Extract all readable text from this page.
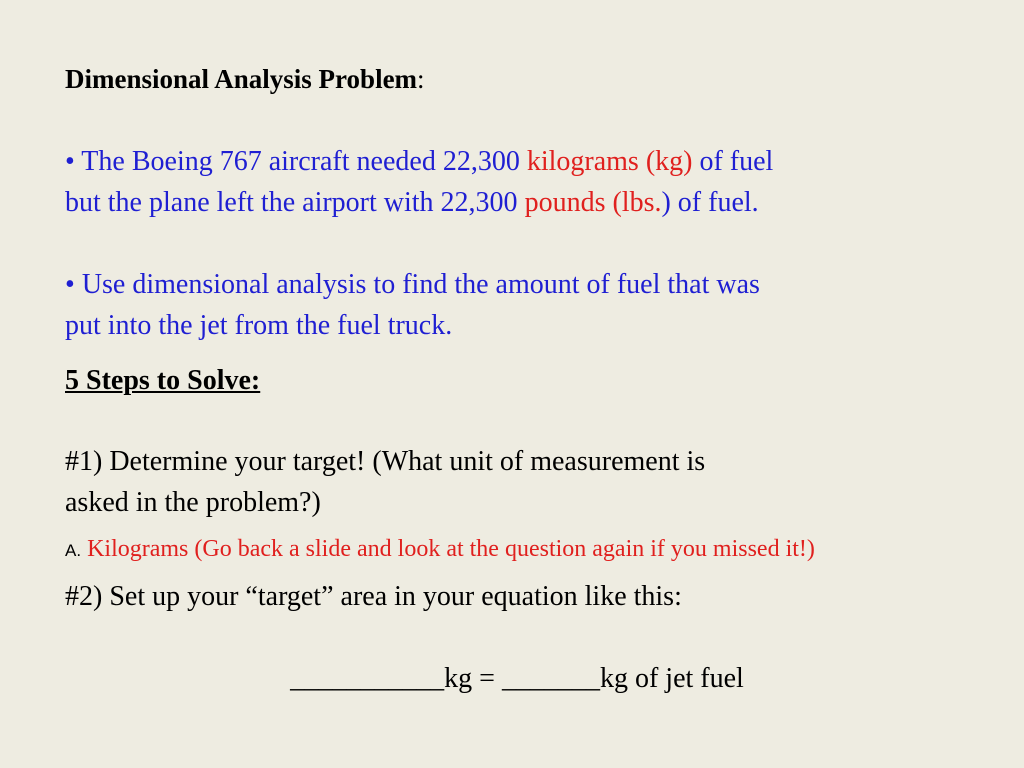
Dimensional Analysis Problem:
• The Boeing 767 aircraft needed 22,300 kilograms (kg) of fuel
but the plane left the airport with 22,300 pounds (lbs.) of fuel.
• Use dimensional analysis to find the amount of fuel that was
put into the jet from the fuel truck.
5 Steps to Solve:
#1) Determine your target! (What unit of measurement is
asked in the problem?)
A. Kilograms (Go back a slide and look at the question again if you missed it!)
#2) Set up your “target” area in your equation like this:
___________kg = _______kg of jet fuel
